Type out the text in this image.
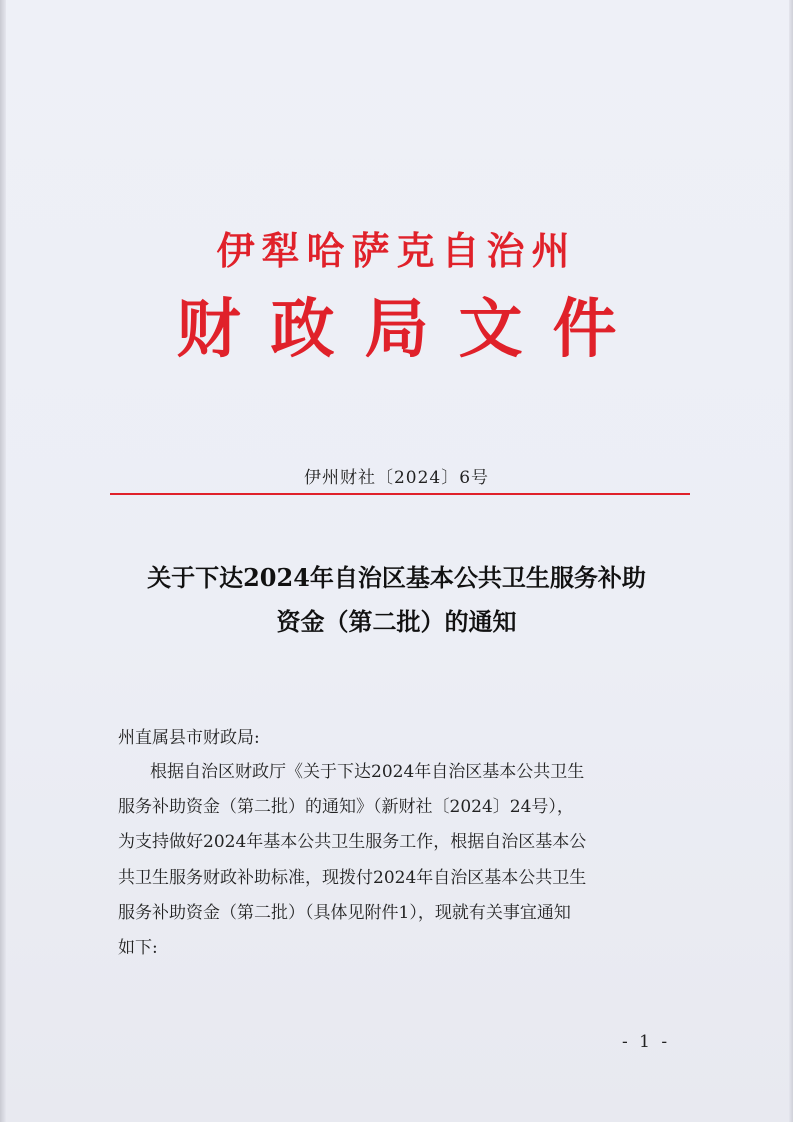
伊犁哈萨克自治州
财政局文件
伊州财社〔2024〕6号
关于下达2024年自治区基本公共卫生服务补助
资金（第二批）的通知
州直属县市财政局:
根据自治区财政厅《关于下达2024年自治区基本公共卫生
服务补助资金（第二批）的通知》（新财社〔2024〕24号），
为支持做好2024年基本公共卫生服务工作，根据自治区基本公
共卫生服务财政补助标准，现拨付2024年自治区基本公共卫生
服务补助资金（第二批）（具体见附件1），现就有关事宜通知
如下:
- 1 -
